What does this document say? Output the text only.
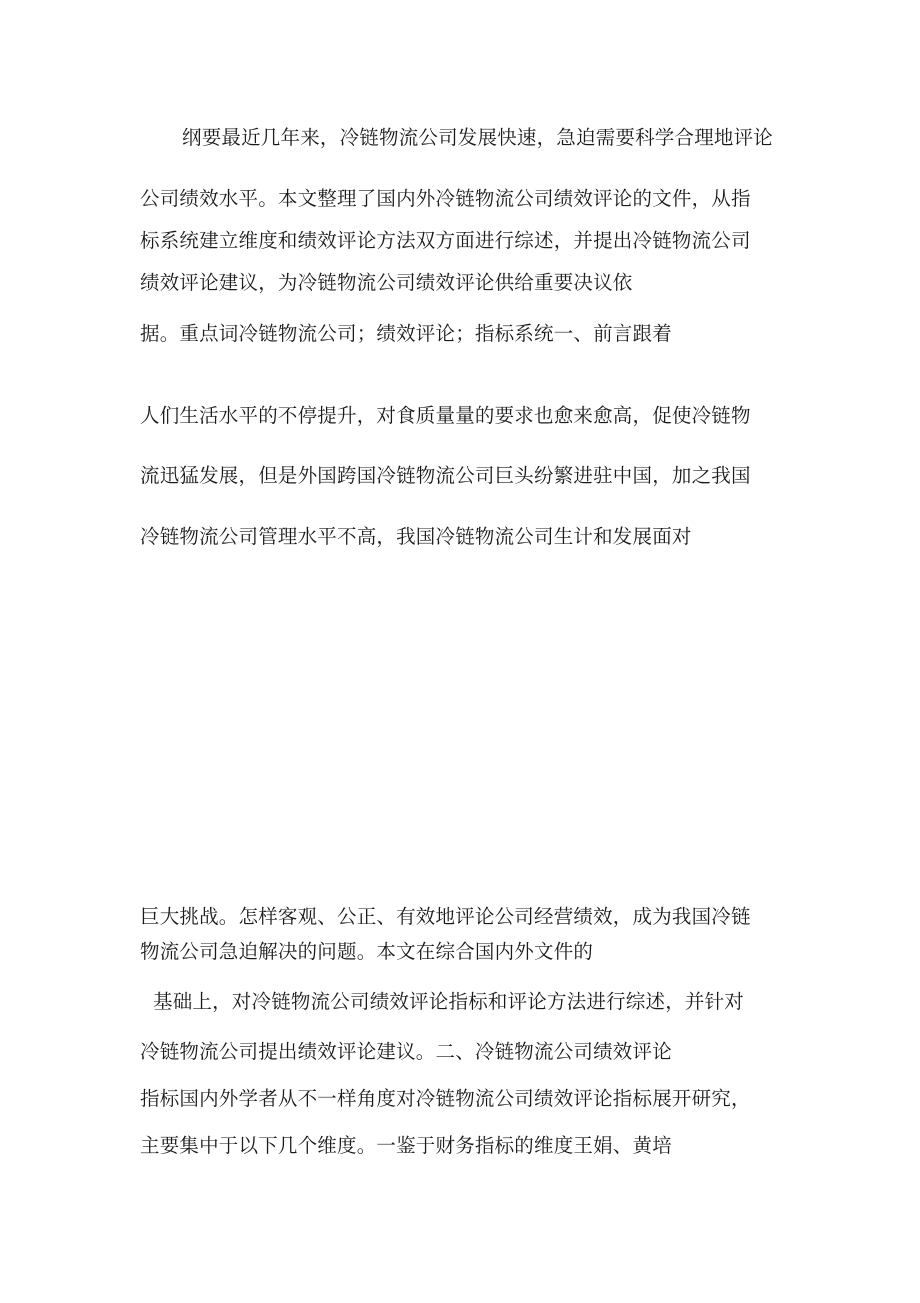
纲要最近几年来，冷链物流公司发展快速，急迫需要科学合理地评论
公司绩效水平。本文整理了国内外冷链物流公司绩效评论的文件，从指
标系统建立维度和绩效评论方法双方面进行综述，并提出冷链物流公司
绩效评论建议，为冷链物流公司绩效评论供给重要决议依
据。重点词冷链物流公司；绩效评论；指标系统一、前言跟着
人们生活水平的不停提升，对食质量量的要求也愈来愈高，促使冷链物
流迅猛发展，但是外国跨国冷链物流公司巨头纷繁进驻中国，加之我国
冷链物流公司管理水平不高，我国冷链物流公司生计和发展面对
巨大挑战。怎样客观、公正、有效地评论公司经营绩效，成为我国冷链
物流公司急迫解决的问题。本文在综合国内外文件的
基础上，对冷链物流公司绩效评论指标和评论方法进行综述，并针对
冷链物流公司提出绩效评论建议。二、冷链物流公司绩效评论
指标国内外学者从不一样角度对冷链物流公司绩效评论指标展开研究，
主要集中于以下几个维度。一鉴于财务指标的维度王娟、黄培
